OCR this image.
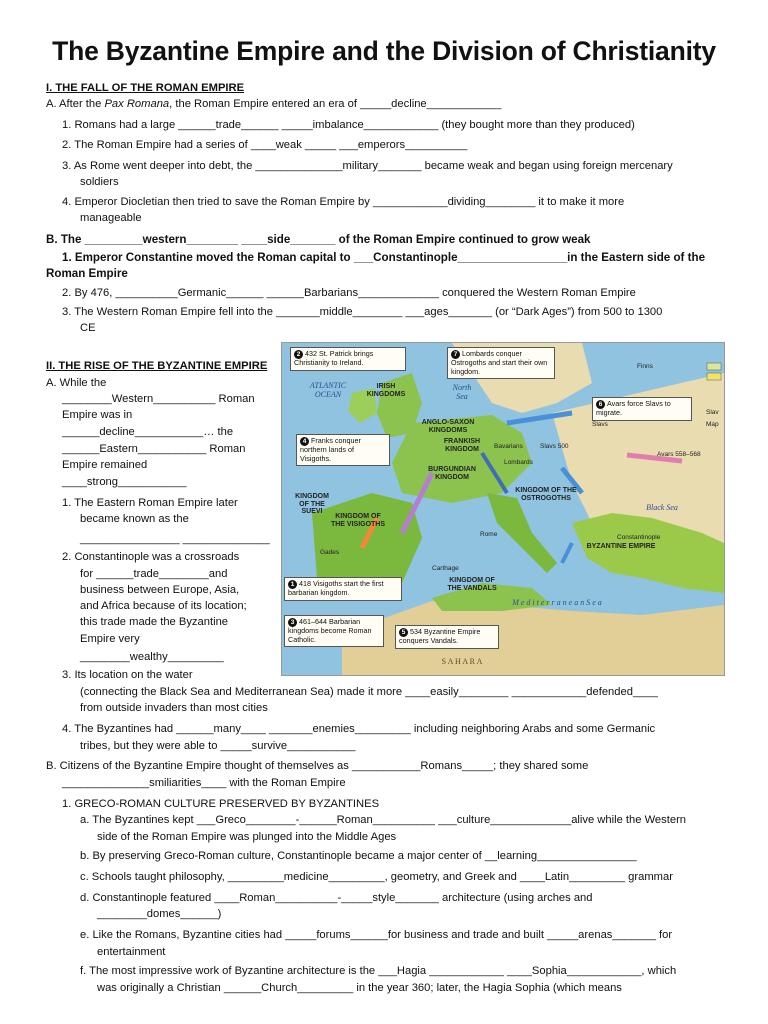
The Byzantine Empire and the Division of Christianity
I. THE FALL OF THE ROMAN EMPIRE
A. After the Pax Romana, the Roman Empire entered an era of _____decline____________
1. Romans had a large ______trade______ _____imbalance____________ (they bought more than they produced)
2. The Roman Empire had a series of ____weak _____ ___emperors__________
3. As Rome went deeper into debt, the ______________military_______ became weak and began using foreign mercenary
soldiers
4. Emperor Diocletian then tried to save the Roman Empire by ____________dividing________ it to make it more
manageable
B. The _________western________ ____side_______ of the Roman Empire continued to grow weak
1. Emperor Constantine moved the Roman capital to ___Constantinople_________________in the Eastern side of the
Roman Empire
2. By 476, __________Germanic______ ______Barbarians_____________ conquered the Western Roman Empire
3. The Western Roman Empire fell into the _______middle________ ___ages_______ (or “Dark Ages”) from 500 to 1300
CE
II. THE RISE OF THE BYZANTINE EMPIRE
A. While the
________Western__________ Roman
Empire was in
______decline___________… the
______Eastern___________ Roman
Empire remained
____strong___________
1. The Eastern Roman Empire later
became known as the
________________ ______________
2. Constantinople was a crossroads
for ______trade________and
business between Europe, Asia,
and Africa because of its location;
this trade made the Byzantine
Empire very
________wealthy_________
3. Its location on the water
(connecting the Black Sea and Mediterranean Sea) made it more ____easily________ ____________defended____
from outside invaders than most cities
4. The Byzantines had ______many____ _______enemies_________ including neighboring Arabs and some Germanic
tribes, but they were able to _____survive___________
B. Citizens of the Byzantine Empire thought of themselves as ___________Romans_____; they shared some
______________smiliarities____ with the Roman Empire
1. GRECO-ROMAN CULTURE PRESERVED BY BYZANTINES
a. The Byzantines kept ___Greco________-______Roman__________ ___culture_____________alive while the Western
side of the Roman Empire was plunged into the Middle Ages
b. By preserving Greco-Roman culture, Constantinople became a major center of __learning________________
c. Schools taught philosophy, _________medicine_________, geometry, and Greek and ____Latin_________ grammar
d. Constantinople featured ____Roman__________-_____style_______ architecture (using arches and
________domes______)
e. Like the Romans, Byzantine cities had _____forums______for business and trade and built _____arenas_______ for
entertainment
f. The most impressive work of Byzantine architecture is the ___Hagia ____________ ____Sophia____________, which
was originally a Christian ______Church_________ in the year 360; later, the Hagia Sophia (which means
2 432 St. Patrick brings Christianity to Ireland.
7 Lombards conquer Ostrogoths and start their own kingdom.
6 Avars force Slavs to migrate.
4 Franks conquer northern lands of Visigoths.
1 418 Visigoths start the first barbarian kingdom.
3 461–644 Barbarian kingdoms become Roman Catholic.
5 534 Byzantine Empire conquers Vandals.
IRISH KINGDOMS
ANGLO-SAXON KINGDOMS
FRANKISH KINGDOM
BURGUNDIAN KINGDOM
KINGDOM OF THE SUEVI
KINGDOM OF THE VISIGOTHS
KINGDOM OF THE OSTROGOTHS
KINGDOM OF THE VANDALS
BYZANTINE EMPIRE
ATLANTIC OCEAN
North Sea
Black Sea
M e d i t e r r a n e a n S e a
S A H A R A
Slavs 500
Avars 558–568
Slavs
Finns
Bavarians
Lombards
Rome
Carthage
Constantinople
Gades
Slav
Map
